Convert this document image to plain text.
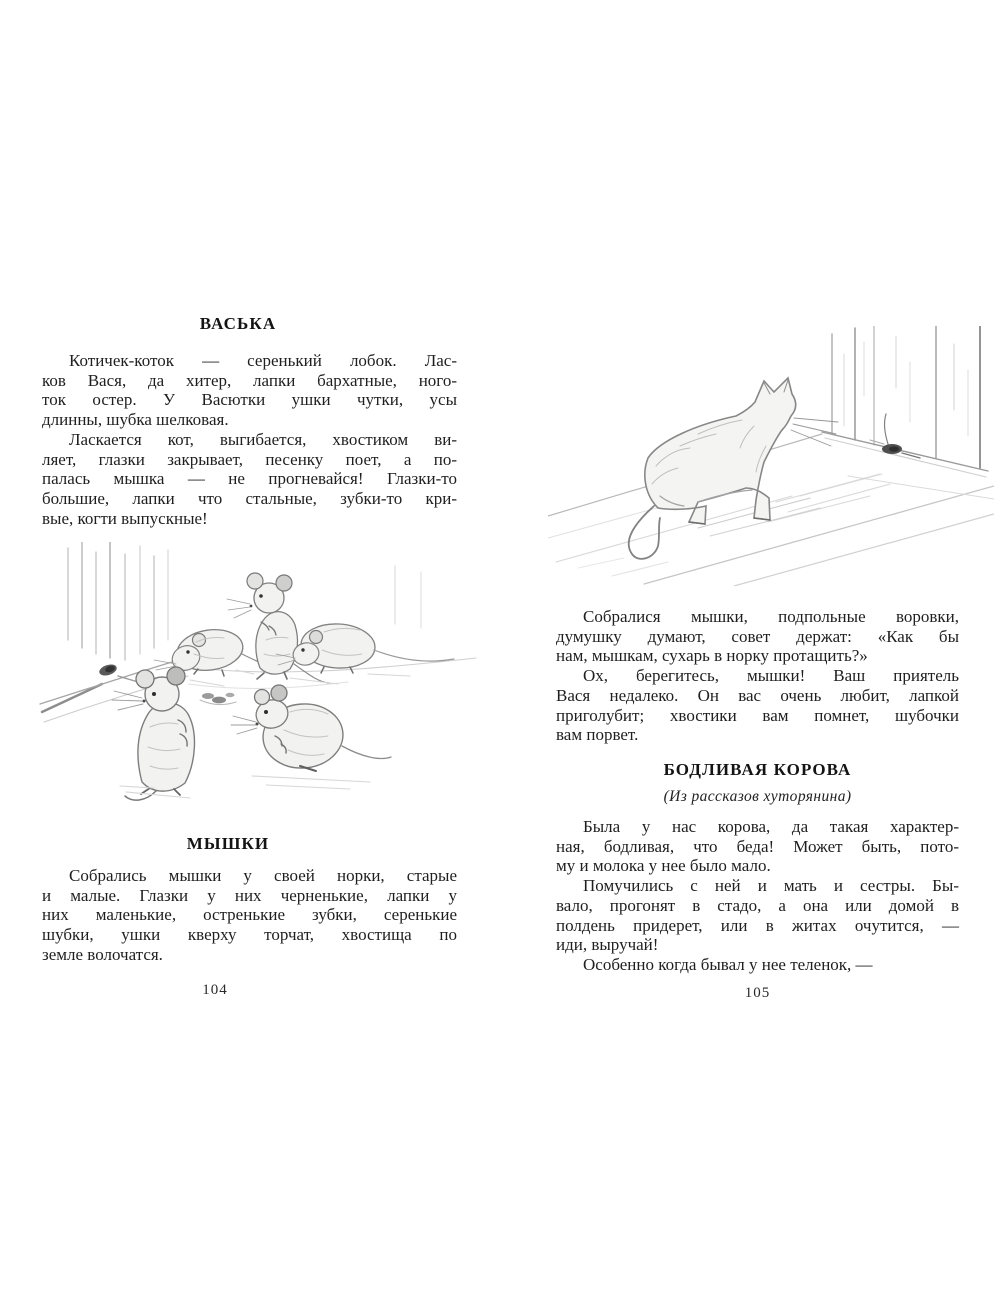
ВАСЬКА
Котичек-коток — серенький лобок. Лас-
ков Вася, да хитер, лапки бархатные, ного-
ток остер. У Васютки ушки чутки, усы
длинны, шубка шелковая.
Ласкается кот, выгибается, хвостиком ви-
ляет, глазки закрывает, песенку поет, а по-
палась мышка — не прогневайся! Глазки-то
большие, лапки что стальные, зубки-то кри-
вые, когти выпускные!
МЫШКИ
Собрались мышки у своей норки, старые
и малые. Глазки у них черненькие, лапки у
них маленькие, остренькие зубки, серенькие
шубки, ушки кверху торчат, хвостища по
земле волочатся.
104
Собралися мышки, подпольные воровки,
думушку думают, совет держат: «Как бы
нам, мышкам, сухарь в норку протащить?»
Ох, берегитесь, мышки! Ваш приятель
Вася недалеко. Он вас очень любит, лапкой
приголубит; хвостики вам помнет, шубочки
вам порвет.
БОДЛИВАЯ КОРОВА
(Из рассказов хуторянина)
Была у нас корова, да такая характер-
ная, бодливая, что беда! Может быть, пото-
му и молока у нее было мало.
Помучились с ней и мать и сестры. Бы-
вало, прогонят в стадо, а она или домой в
полдень придерет, или в житах очутится, —
иди, выручай!
Особенно когда бывал у нее теленок, —
105
